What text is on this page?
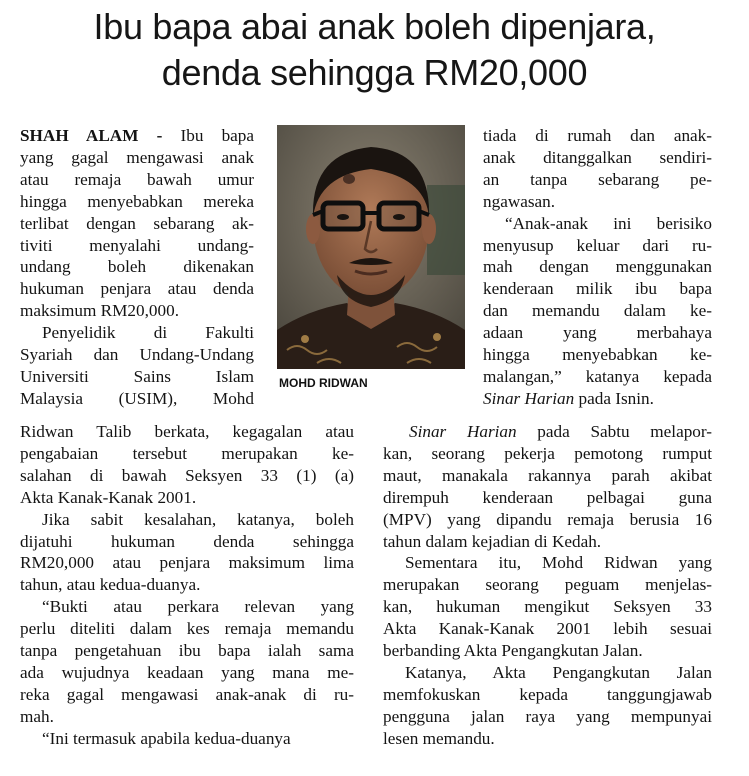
Ibu bapa abai anak boleh dipenjara,
denda sehingga RM20,000

SHAH ALAM - Ibu bapa
yang gagal mengawasi anak
atau remaja bawah umur
hingga menyebabkan mereka
terlibat dengan sebarang ak-
tiviti menyalahi undang-
undang boleh dikenakan
hukuman penjara atau denda
maksimum RM20,000.

Penyelidik di Fakulti
Syariah dan Undang-Undang
Universiti Sains Islam
Malaysia (USIM), Mohd

Ridwan Talib berkata, kegagalan atau
pengabaian tersebut merupakan ke-
salahan di bawah Seksyen 33 (1) (a)
Akta Kanak-Kanak 2001.

Jika sabit kesalahan, katanya, boleh
dijatuhi hukuman denda sehingga
RM20,000 atau penjara maksimum lima
tahun, atau kedua-duanya.

“Bukti atau perkara relevan yang
perlu diteliti dalam kes remaja memandu
tanpa pengetahuan ibu bapa ialah sama
ada wujudnya keadaan yang mana me-
reka gagal mengawasi anak-anak di ru-
mah.

“Ini termasuk apabila kedua-duanya

MOHD RIDWAN

tiada di rumah dan anak-
anak ditanggalkan sendiri-
an tanpa sebarang pe-
ngawasan.

“Anak-anak ini berisiko
menyusup keluar dari ru-
mah dengan menggunakan
kenderaan milik ibu bapa
dan memandu dalam ke-
adaan yang merbahaya
hingga menyebabkan ke-
malangan,” katanya kepada

Sinar Harian pada Isnin.

Sinar Harian pada Sabtu melapor-
kan, seorang pekerja pemotong rumput
maut, manakala rakannya parah akibat
dirempuh kenderaan pelbagai guna
(MPV) yang dipandu remaja berusia 16
tahun dalam kejadian di Kedah.

Sementara itu, Mohd Ridwan yang
merupakan seorang peguam menjelas-
kan, hukuman mengikut Seksyen 33
Akta Kanak-Kanak 2001 lebih sesuai
berbanding Akta Pengangkutan Jalan.

Katanya, Akta Pengangkutan Jalan
memfokuskan kepada tanggungjawab
pengguna jalan raya yang mempunyai
lesen memandu.
